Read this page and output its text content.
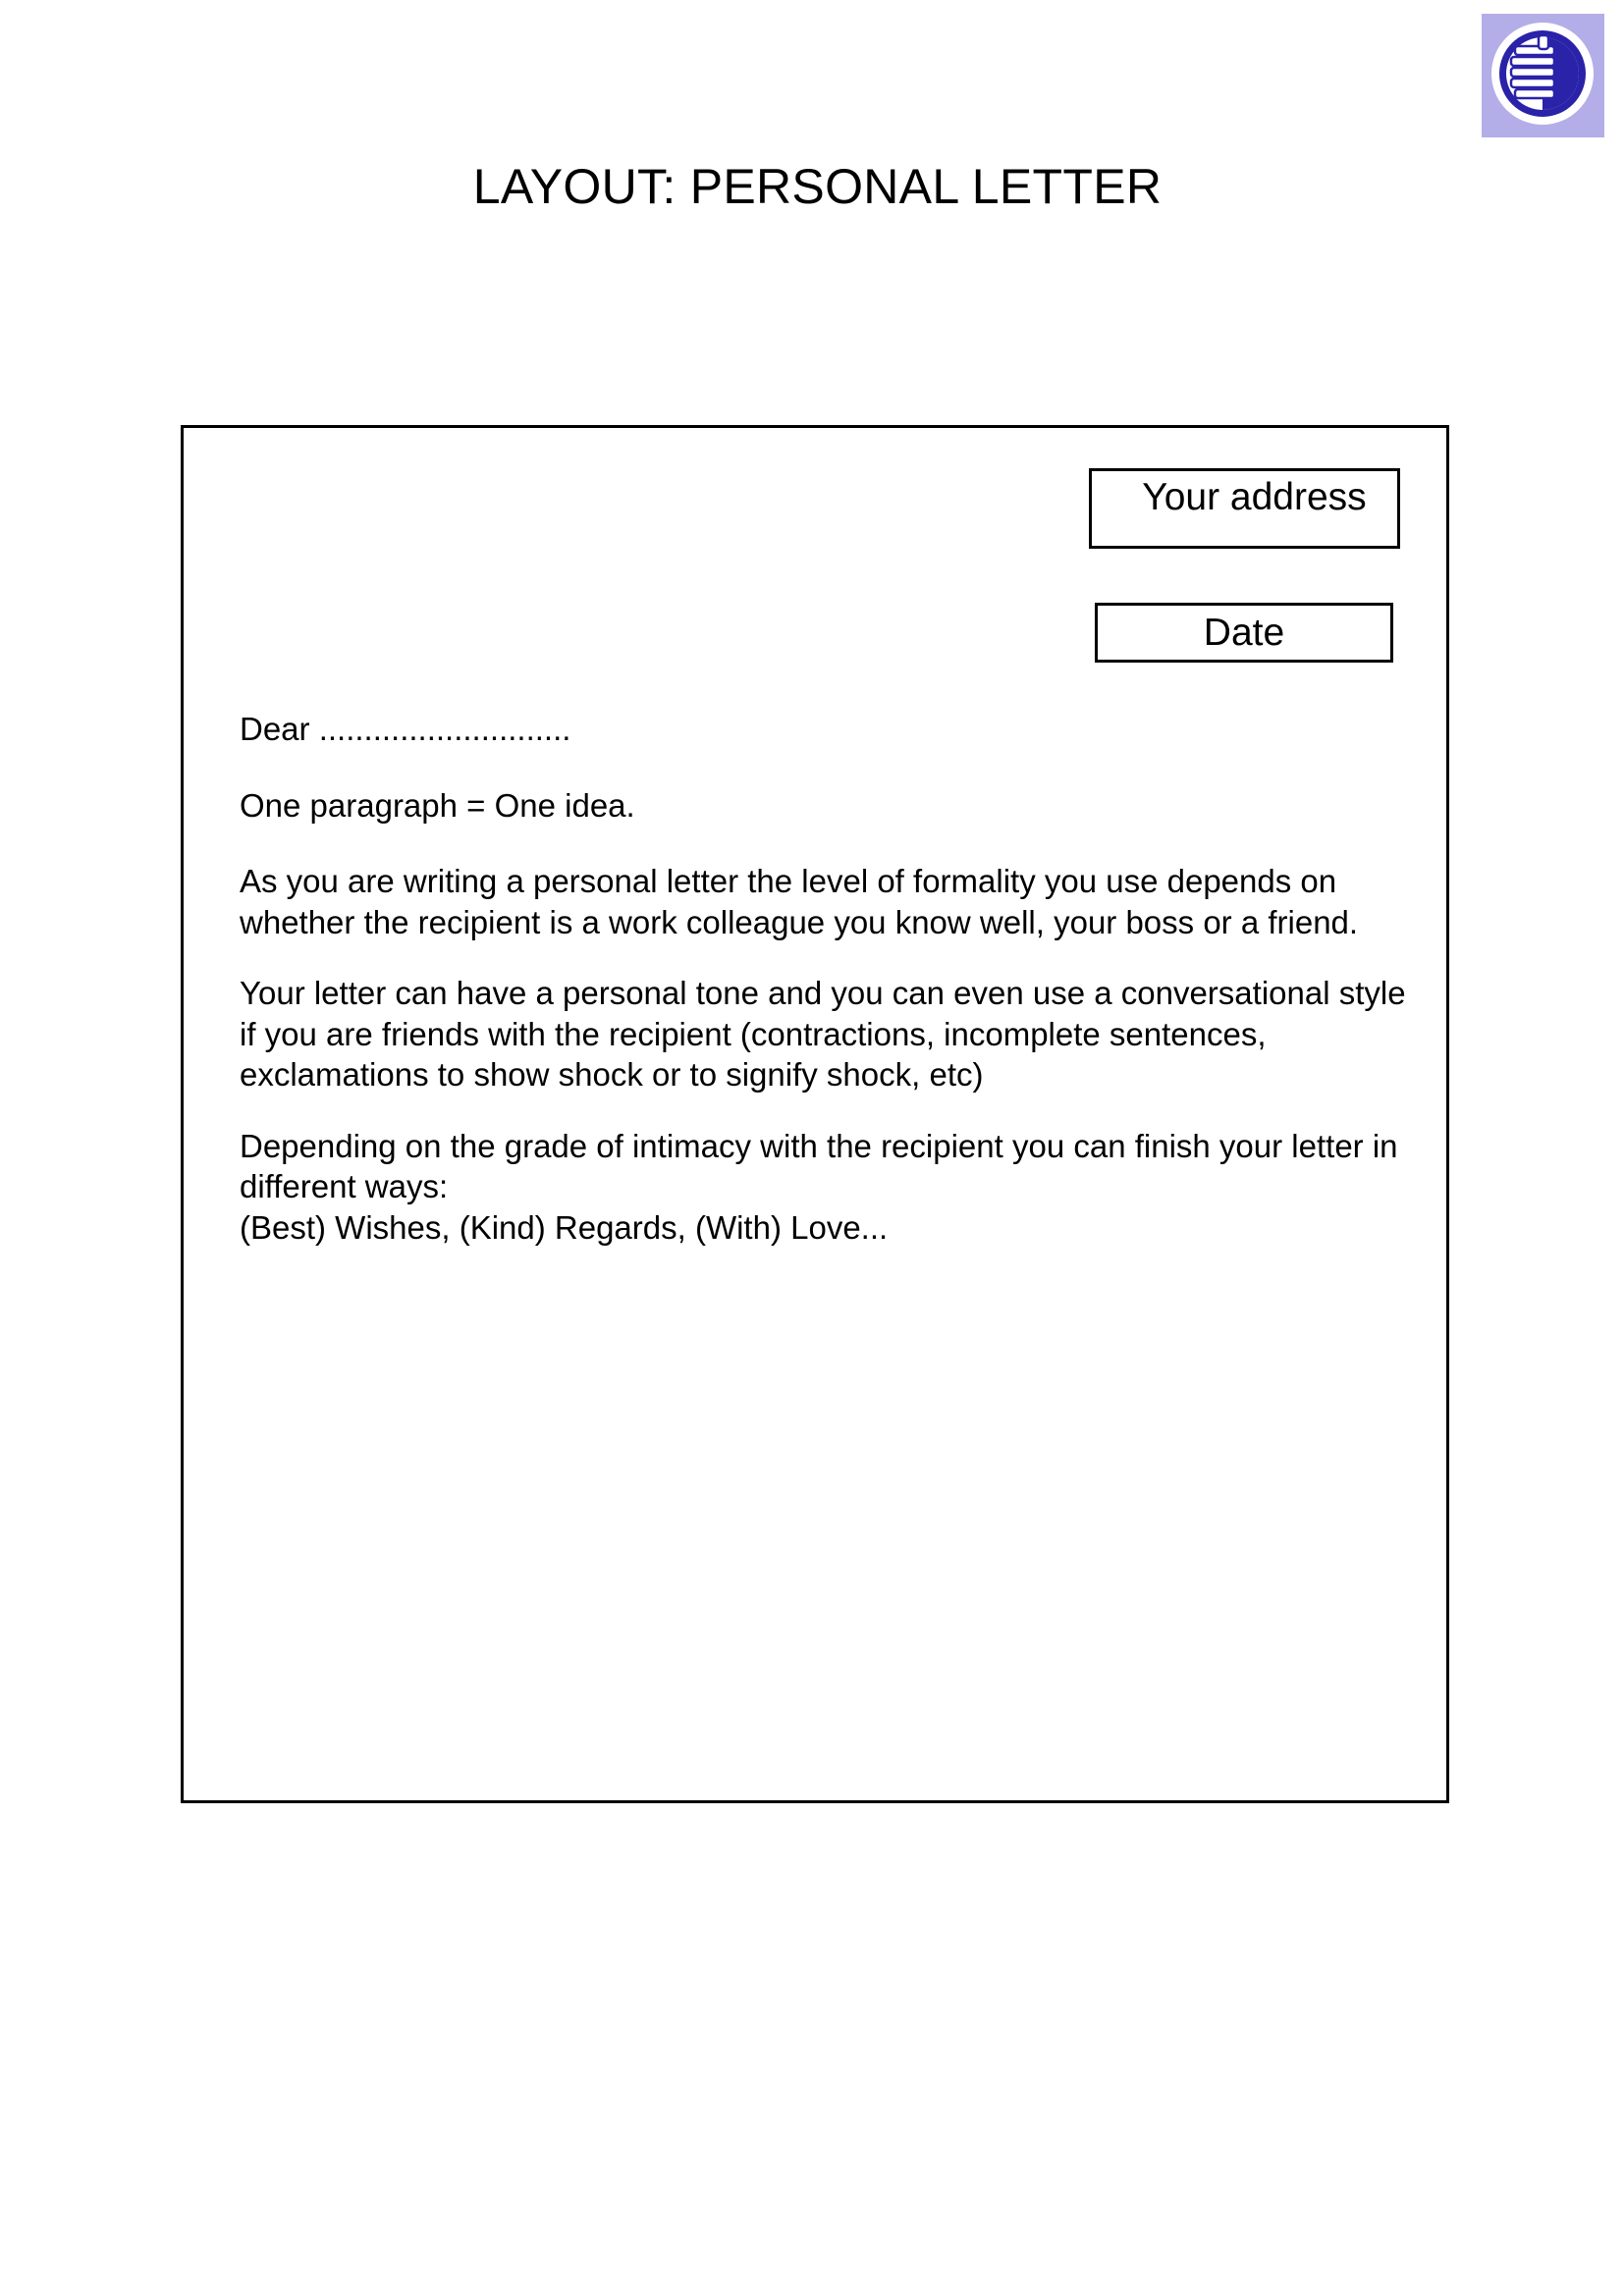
LAYOUT: PERSONAL LETTER
Your address
Date

Dear ............................

One paragraph = One idea.

As you are writing a personal letter the level of formality you use depends on whether the recipient is a work colleague you know well, your boss or a friend.

Your letter can have a personal tone and you can even use a conversational style if you are friends with the recipient (contractions, incomplete sentences, exclamations to show shock or to signify shock, etc)

Depending on the grade of intimacy with the recipient you can finish your letter in different ways:
(Best) Wishes, (Kind) Regards, (With) Love...
